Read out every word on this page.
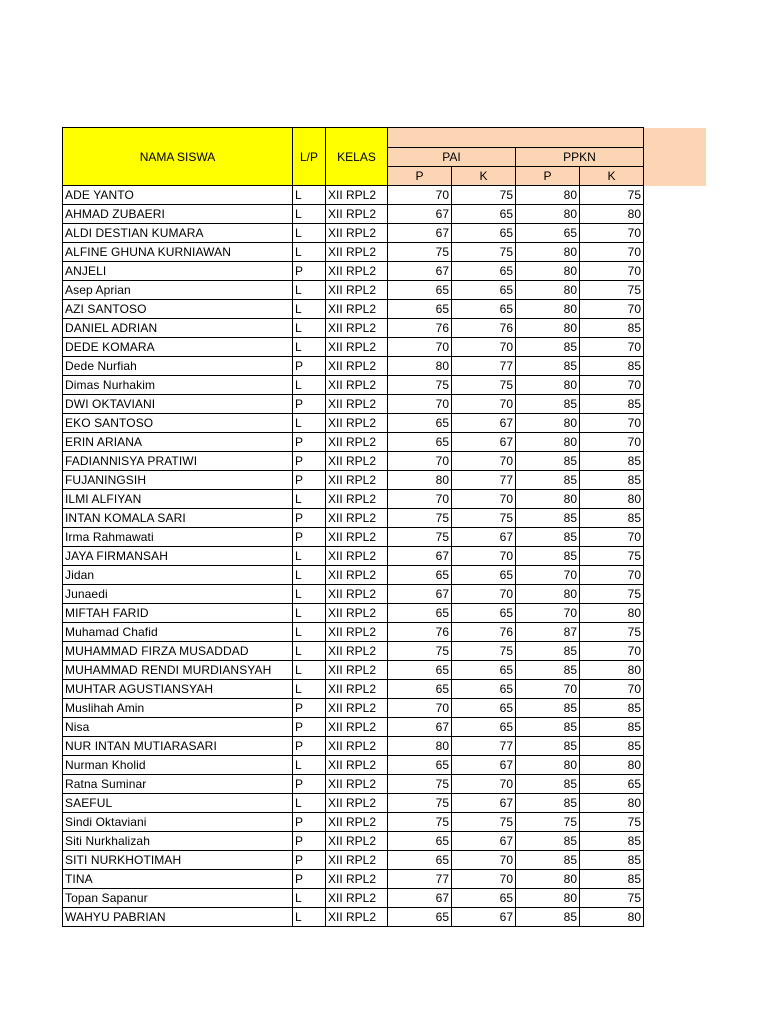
NAMA SISWA	L/P	KELAS				
			PAI		PPKN	
			P	K	P	K
ADE YANTO	L	XII RPL2	70	75	80	75
AHMAD ZUBAERI	L	XII RPL2	67	65	80	80
ALDI DESTIAN KUMARA	L	XII RPL2	67	65	65	70
ALFINE GHUNA KURNIAWAN	L	XII RPL2	75	75	80	70
ANJELI	P	XII RPL2	67	65	80	70
Asep Aprian	L	XII RPL2	65	65	80	75
AZI SANTOSO	L	XII RPL2	65	65	80	70
DANIEL ADRIAN	L	XII RPL2	76	76	80	85
DEDE KOMARA	L	XII RPL2	70	70	85	70
Dede Nurfiah	P	XII RPL2	80	77	85	85
Dimas Nurhakim	L	XII RPL2	75	75	80	70
DWI OKTAVIANI	P	XII RPL2	70	70	85	85
EKO SANTOSO	L	XII RPL2	65	67	80	70
ERIN ARIANA	P	XII RPL2	65	67	80	70
FADIANNISYA PRATIWI	P	XII RPL2	70	70	85	85
FUJANINGSIH	P	XII RPL2	80	77	85	85
ILMI ALFIYAN	L	XII RPL2	70	70	80	80
INTAN KOMALA SARI	P	XII RPL2	75	75	85	85
Irma Rahmawati	P	XII RPL2	75	67	85	70
JAYA FIRMANSAH	L	XII RPL2	67	70	85	75
Jidan	L	XII RPL2	65	65	70	70
Junaedi	L	XII RPL2	67	70	80	75
MIFTAH FARID	L	XII RPL2	65	65	70	80
Muhamad Chafid	L	XII RPL2	76	76	87	75
MUHAMMAD FIRZA MUSADDAD	L	XII RPL2	75	75	85	70
MUHAMMAD RENDI MURDIANSYAH	L	XII RPL2	65	65	85	80
MUHTAR AGUSTIANSYAH	L	XII RPL2	65	65	70	70
Muslihah Amin	P	XII RPL2	70	65	85	85
Nisa	P	XII RPL2	67	65	85	85
NUR INTAN MUTIARASARI	P	XII RPL2	80	77	85	85
Nurman Kholid	L	XII RPL2	65	67	80	80
Ratna Suminar	P	XII RPL2	75	70	85	65
SAEFUL	L	XII RPL2	75	67	85	80
Sindi Oktaviani	P	XII RPL2	75	75	75	75
Siti Nurkhalizah	P	XII RPL2	65	67	85	85
SITI NURKHOTIMAH	P	XII RPL2	65	70	85	85
TINA	P	XII RPL2	77	70	80	85
Topan Sapanur	L	XII RPL2	67	65	80	75
WAHYU PABRIAN	L	XII RPL2	65	67	85	80
